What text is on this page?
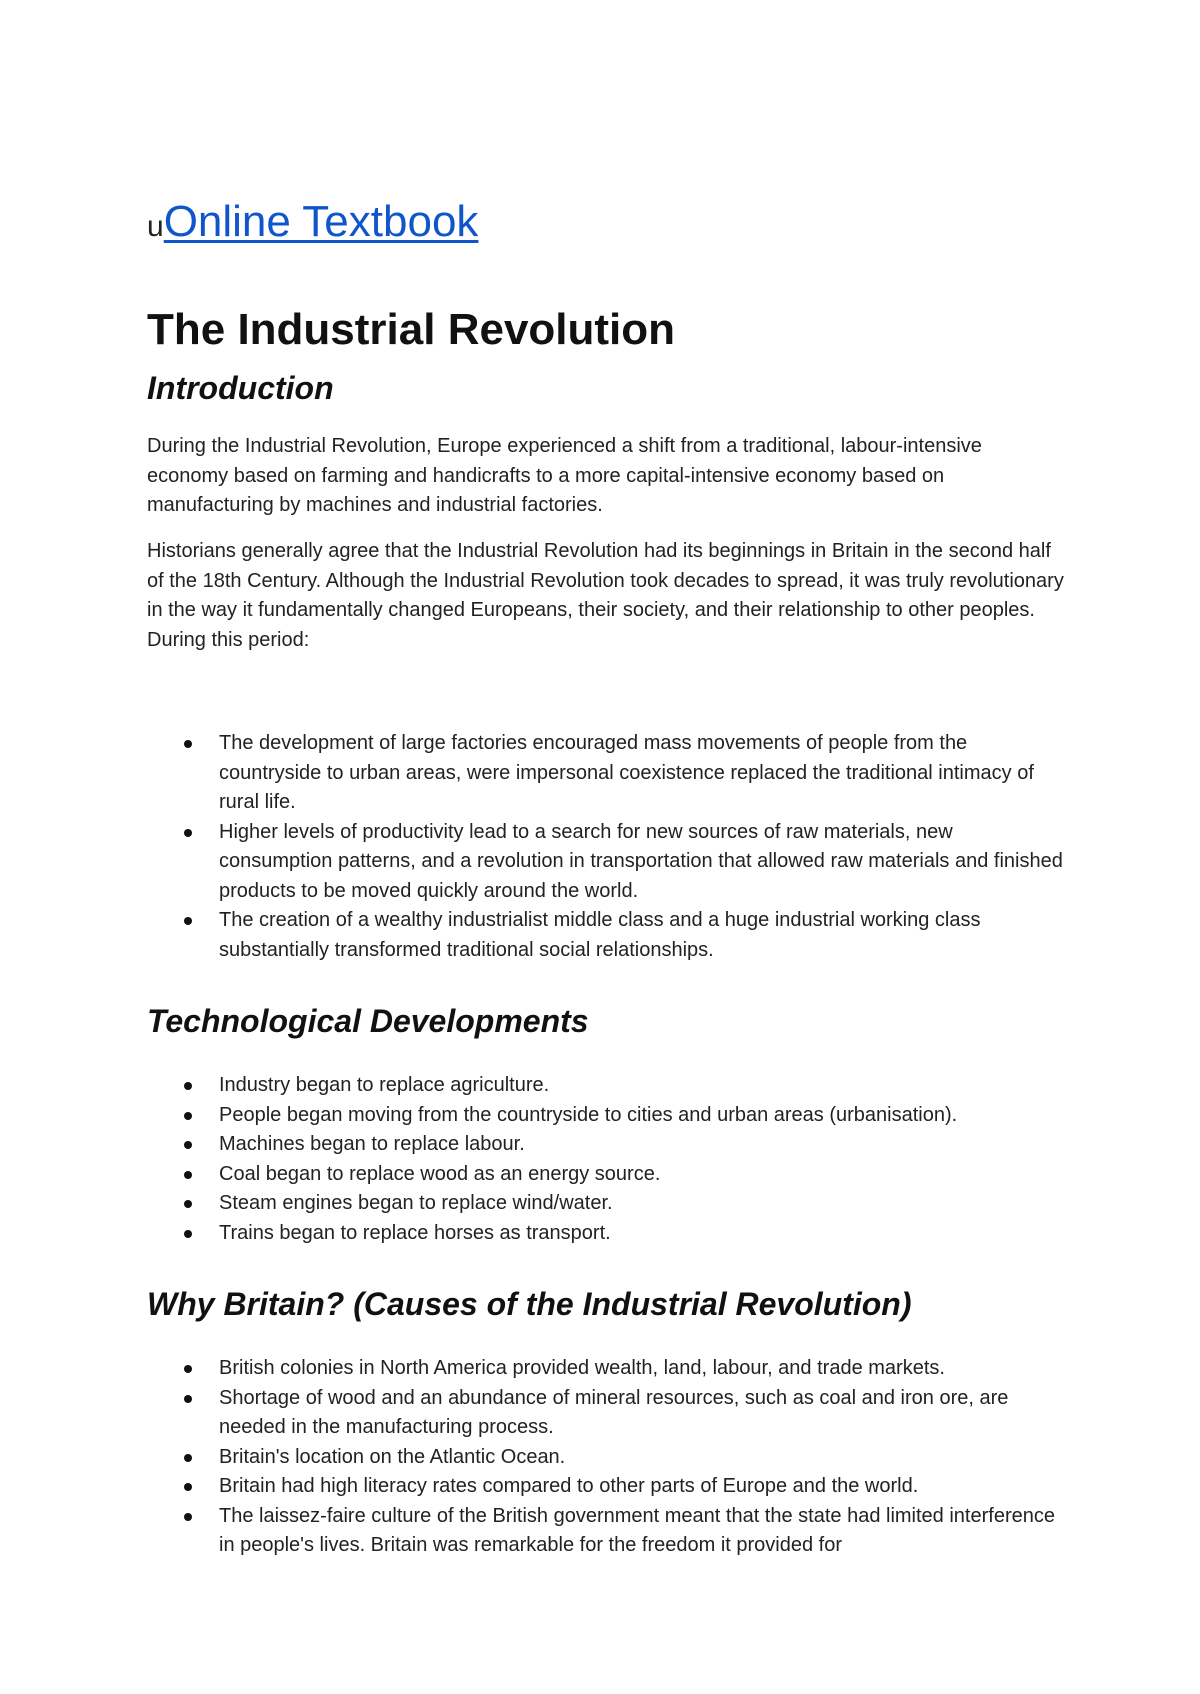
uOnline Textbook
The Industrial Revolution
Introduction

During the Industrial Revolution, Europe experienced a shift from a traditional, labour-intensive economy based on farming and handicrafts to a more capital-intensive economy based on manufacturing by machines and industrial factories.

Historians generally agree that the Industrial Revolution had its beginnings in Britain in the second half of the 18th Century. Although the Industrial Revolution took decades to spread, it was truly revolutionary in the way it fundamentally changed Europeans, their society, and their relationship to other peoples. During this period:

The development of large factories encouraged mass movements of people from the countryside to urban areas, were impersonal coexistence replaced the traditional intimacy of rural life.
Higher levels of productivity lead to a search for new sources of raw materials, new consumption patterns, and a revolution in transportation that allowed raw materials and finished products to be moved quickly around the world.
The creation of a wealthy industrialist middle class and a huge industrial working class substantially transformed traditional social relationships.
Technological Developments
Industry began to replace agriculture.
People began moving from the countryside to cities and urban areas (urbanisation).
Machines began to replace labour.
Coal began to replace wood as an energy source.
Steam engines began to replace wind/water.
Trains began to replace horses as transport.
Why Britain? (Causes of the Industrial Revolution)
British colonies in North America provided wealth, land, labour, and trade markets.
Shortage of wood and an abundance of mineral resources, such as coal and iron ore, are needed in the manufacturing process.
Britain's location on the Atlantic Ocean.
Britain had high literacy rates compared to other parts of Europe and the world.
The laissez-faire culture of the British government meant that the state had limited interference in people's lives. Britain was remarkable for the freedom it provided for
